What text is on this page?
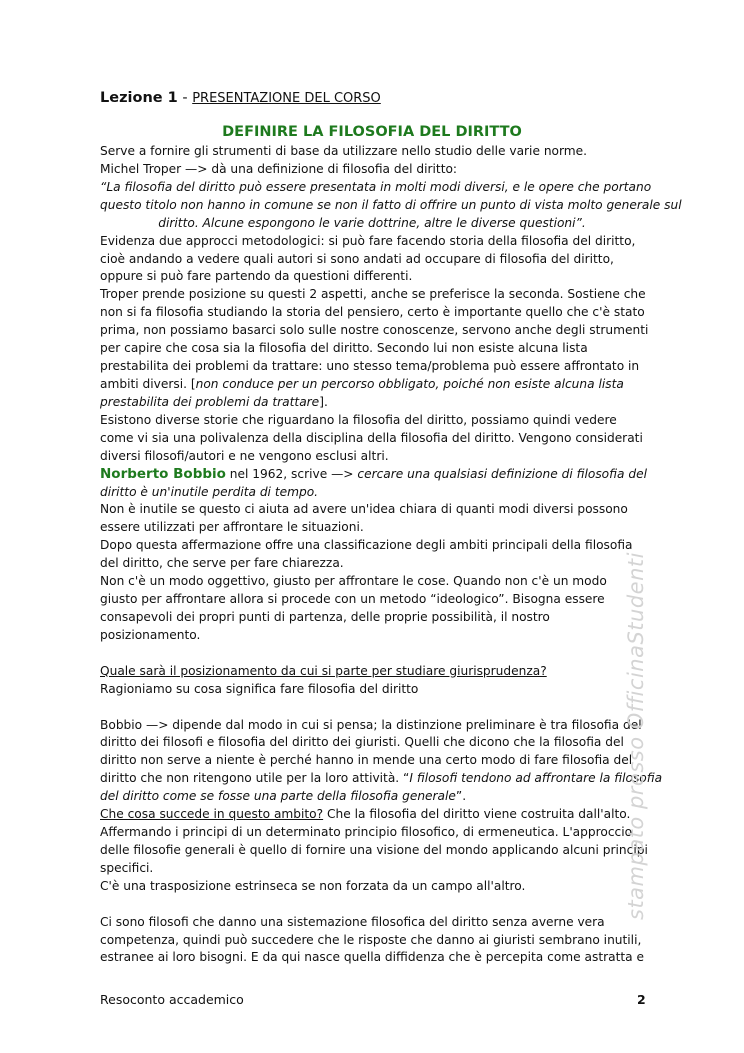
Lezione 1 - PRESENTAZIONE DEL CORSO
DEFINIRE LA FILOSOFIA DEL DIRITTO
Serve a fornire gli strumenti di base da utilizzare nello studio delle varie norme.
Michel Troper —> dà una definizione di filosofia del diritto:
“La filosofia del diritto può essere presentata in molti modi diversi, e le opere che portano
questo titolo non hanno in comune se non il fatto di offrire un punto di vista molto generale sul
diritto. Alcune espongono le varie dottrine, altre le diverse questioni”.
Evidenza due approcci metodologici: si può fare facendo storia della filosofia del diritto,
cioè andando a vedere quali autori si sono andati ad occupare di filosofia del diritto,
oppure si può fare partendo da questioni differenti.
Troper prende posizione su questi 2 aspetti, anche se preferisce la seconda. Sostiene che
non si fa filosofia studiando la storia del pensiero, certo è importante quello che c'è stato
prima, non possiamo basarci solo sulle nostre conoscenze, servono anche degli strumenti
per capire che cosa sia la filosofia del diritto. Secondo lui non esiste alcuna lista
prestabilita dei problemi da trattare: uno stesso tema/problema può essere affrontato in
ambiti diversi. [non conduce per un percorso obbligato, poiché non esiste alcuna lista
prestabilita dei problemi da trattare].
Esistono diverse storie che riguardano la filosofia del diritto, possiamo quindi vedere
come vi sia una polivalenza della disciplina della filosofia del diritto. Vengono considerati
diversi filosofi/autori e ne vengono esclusi altri.
Norberto Bobbio nel 1962, scrive —> cercare una qualsiasi definizione di filosofia del
diritto è un'inutile perdita di tempo.
Non è inutile se questo ci aiuta ad avere un'idea chiara di quanti modi diversi possono
essere utilizzati per affrontare le situazioni.
Dopo questa affermazione offre una classificazione degli ambiti principali della filosofia
del diritto, che serve per fare chiarezza.
Non c'è un modo oggettivo, giusto per affrontare le cose. Quando non c'è un modo
giusto per affrontare allora si procede con un metodo “ideologico”. Bisogna essere
consapevoli dei propri punti di partenza, delle proprie possibilità, il nostro
posizionamento.
Quale sarà il posizionamento da cui si parte per studiare giurisprudenza?
Ragioniamo su cosa significa fare filosofia del diritto
Bobbio —> dipende dal modo in cui si pensa; la distinzione preliminare è tra filosofia del
diritto dei filosofi e filosofia del diritto dei giuristi. Quelli che dicono che la filosofia del
diritto non serve a niente è perché hanno in mende una certo modo di fare filosofia del
diritto che non ritengono utile per la loro attività. “I filosofi tendono ad affrontare la filosofia
del diritto come se fosse una parte della filosofia generale”.
Che cosa succede in questo ambito? Che la filosofia del diritto viene costruita dall'alto.
Affermando i principi di un determinato principio filosofico, di ermeneutica. L'approccio
delle filosofie generali è quello di fornire una visione del mondo applicando alcuni principi
specifici.
C'è una trasposizione estrinseca se non forzata da un campo all'altro.
Ci sono filosofi che danno una sistemazione filosofica del diritto senza averne vera
competenza, quindi può succedere che le risposte che danno ai giuristi sembrano inutili,
estranee ai loro bisogni. E da qui nasce quella diffidenza che è percepita come astratta e
stampato presso OfficinaStudenti
Resoconto accademico	2
